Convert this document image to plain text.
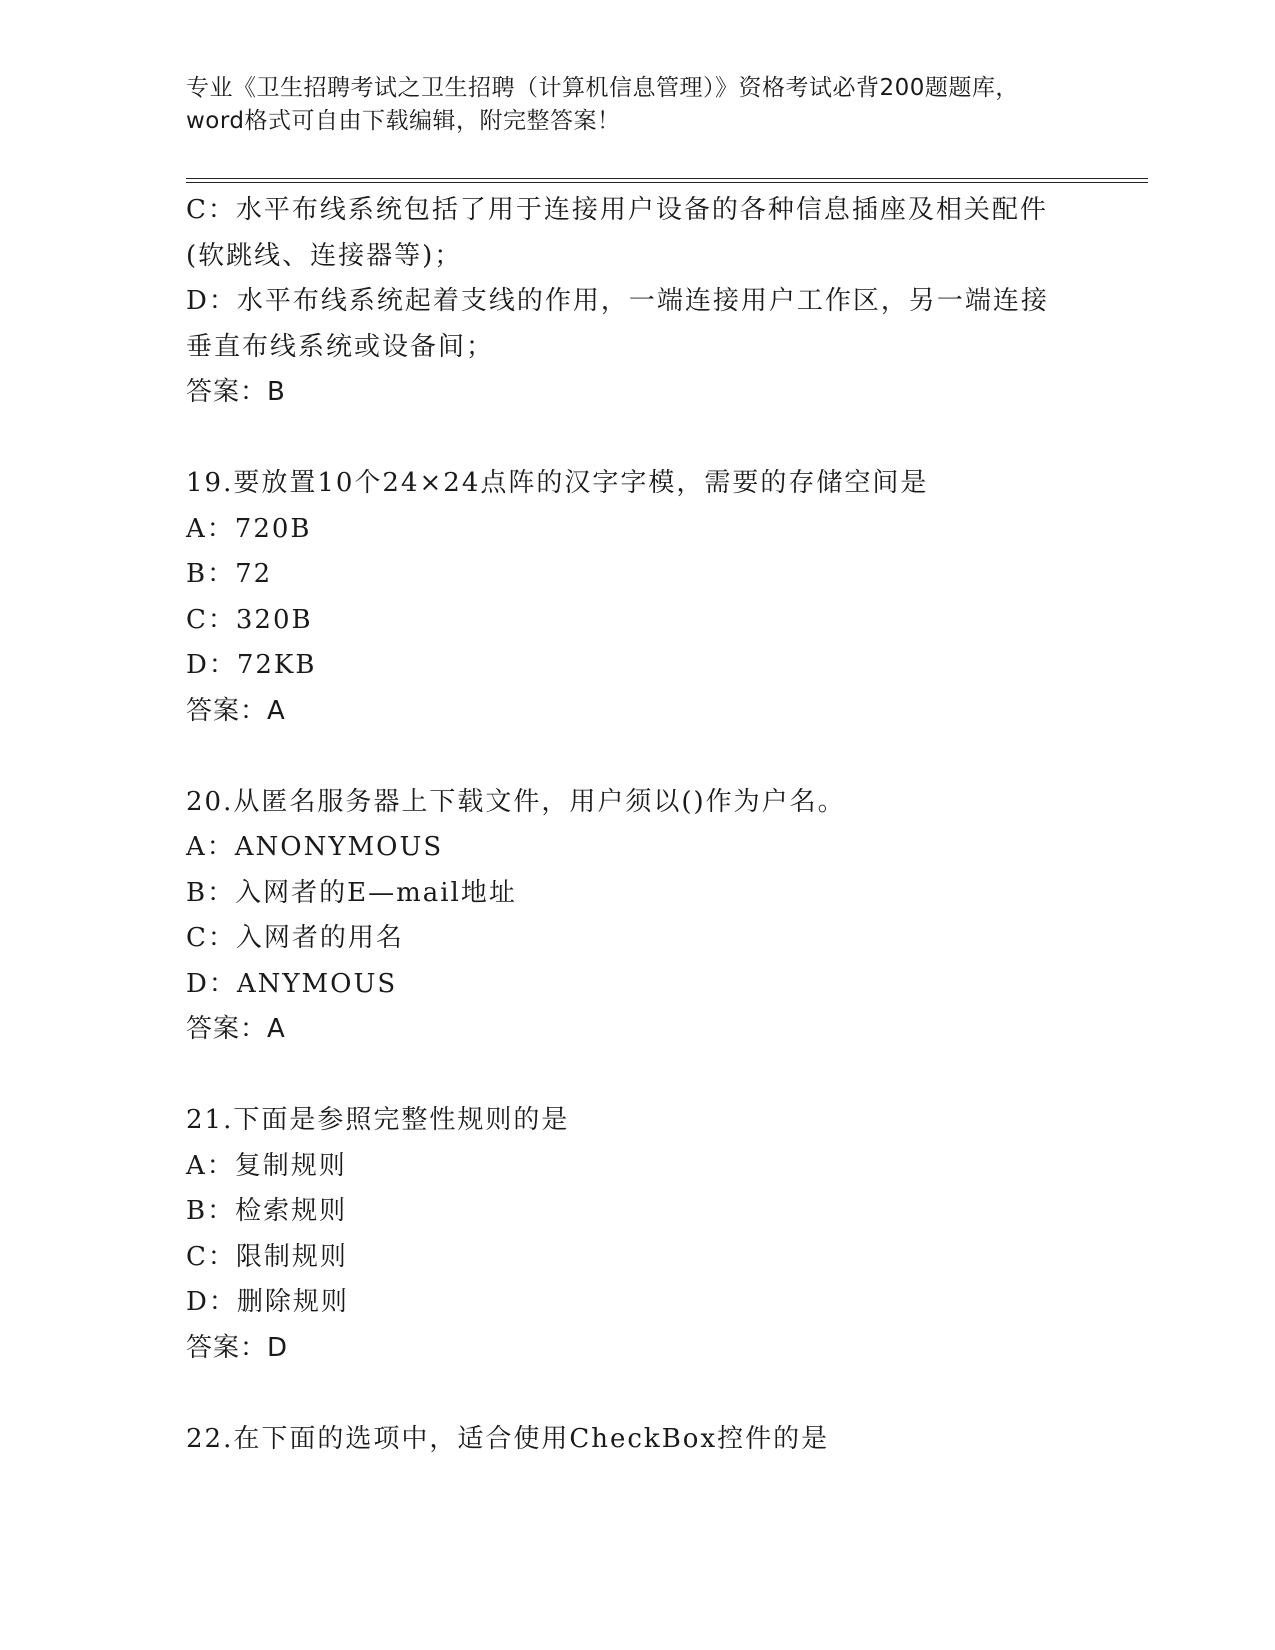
专业《卫生招聘考试之卫生招聘（计算机信息管理）》资格考试必背200题题库，
word格式可自由下载编辑，附完整答案！
C：水平布线系统包括了用于连接用户设备的各种信息插座及相关配件
(软跳线、连接器等)；
D：水平布线系统起着支线的作用，一端连接用户工作区，另一端连接
垂直布线系统或设备间；
答案：B
19.要放置10个24×24点阵的汉字字模，需要的存储空间是
A：720B
B：72
C：320B
D：72KB
答案：A
20.从匿名服务器上下载文件，用户须以()作为户名。
A：ANONYMOUS
B：入网者的E—mail地址
C：入网者的用名
D：ANYMOUS
答案：A
21.下面是参照完整性规则的是
A：复制规则
B：检索规则
C：限制规则
D：删除规则
答案：D
22.在下面的选项中，适合使用CheckBox控件的是
